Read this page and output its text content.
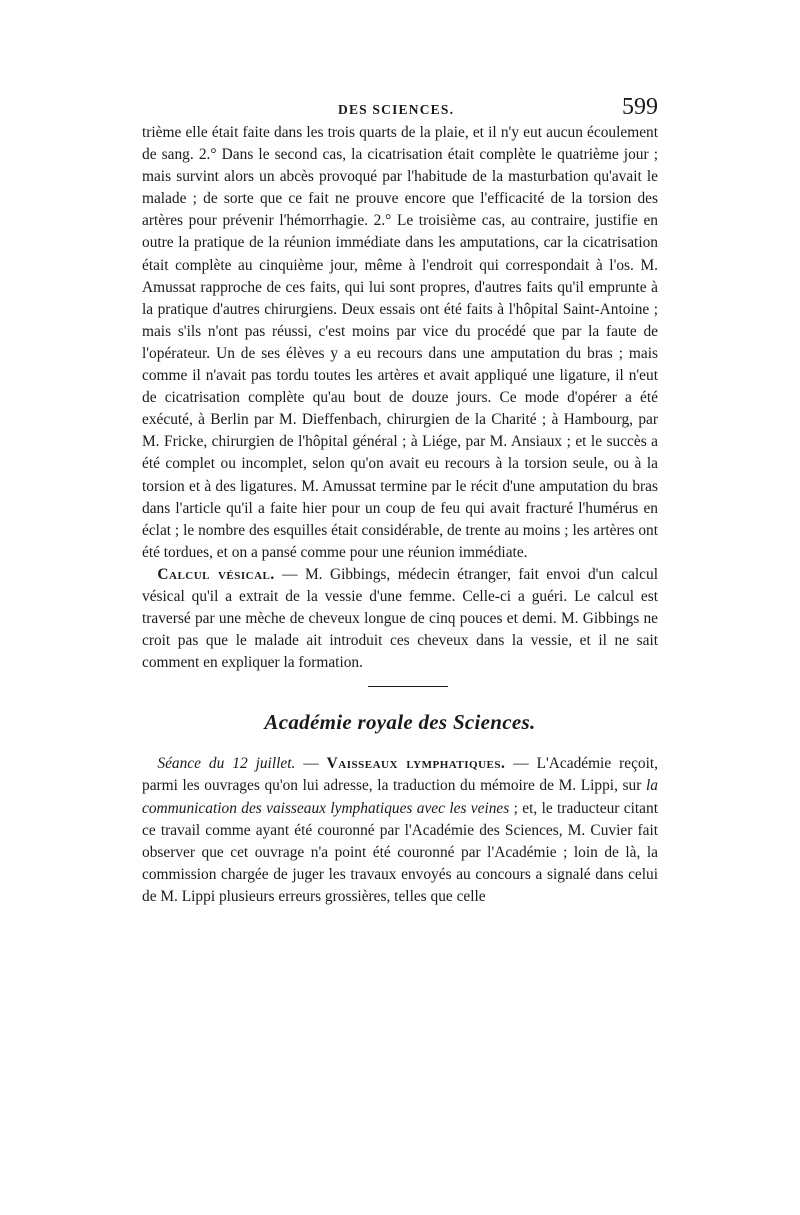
DES SCIENCES.	599

trième elle était faite dans les trois quarts de la plaie, et il n'y eut aucun écoulement de sang. 2.° Dans le second cas, la cicatrisation était complète le quatrième jour ; mais survint alors un abcès provoqué par l'habitude de la masturbation qu'avait le malade ; de sorte que ce fait ne prouve encore que l'efficacité de la torsion des artères pour prévenir l'hémorrhagie. 2.° Le troisième cas, au contraire, justifie en outre la pratique de la réunion immédiate dans les amputations, car la cicatrisation était complète au cinquième jour, même à l'endroit qui correspondait à l'os. M. Amussat rapproche de ces faits, qui lui sont propres, d'autres faits qu'il emprunte à la pratique d'autres chirurgiens. Deux essais ont été faits à l'hôpital Saint-Antoine ; mais s'ils n'ont pas réussi, c'est moins par vice du procédé que par la faute de l'opérateur. Un de ses élèves y a eu recours dans une amputation du bras ; mais comme il n'avait pas tordu toutes les artères et avait appliqué une ligature, il n'eut de cicatrisation complète qu'au bout de douze jours. Ce mode d'opérer a été exécuté, à Berlin par M. Dieffenbach, chirurgien de la Charité ; à Hambourg, par M. Fricke, chirurgien de l'hôpital général ; à Liége, par M. Ansiaux ; et le succès a été complet ou incomplet, selon qu'on avait eu recours à la torsion seule, ou à la torsion et à des ligatures. M. Amussat termine par le récit d'une amputation du bras dans l'article qu'il a faite hier pour un coup de feu qui avait fracturé l'humérus en éclat ; le nombre des esquilles était considérable, de trente au moins ; les artères ont été tordues, et on a pansé comme pour une réunion immédiate.

Calcul vésical. — M. Gibbings, médecin étranger, fait envoi d'un calcul vésical qu'il a extrait de la vessie d'une femme. Celle-ci a guéri. Le calcul est traversé par une mèche de cheveux longue de cinq pouces et demi. M. Gibbings ne croit pas que le malade ait introduit ces cheveux dans la vessie, et il ne sait comment en expliquer la formation.

Académie royale des Sciences.

Séance du 12 juillet. — Vaisseaux lymphatiques. — L'Académie reçoit, parmi les ouvrages qu'on lui adresse, la traduction du mémoire de M. Lippi, sur la communication des vaisseaux lymphatiques avec les veines ; et, le traducteur citant ce travail comme ayant été couronné par l'Académie des Sciences, M. Cuvier fait observer que cet ouvrage n'a point été couronné par l'Académie ; loin de là, la commission chargée de juger les travaux envoyés au concours a signalé dans celui de M. Lippi plusieurs erreurs grossières, telles que celle
